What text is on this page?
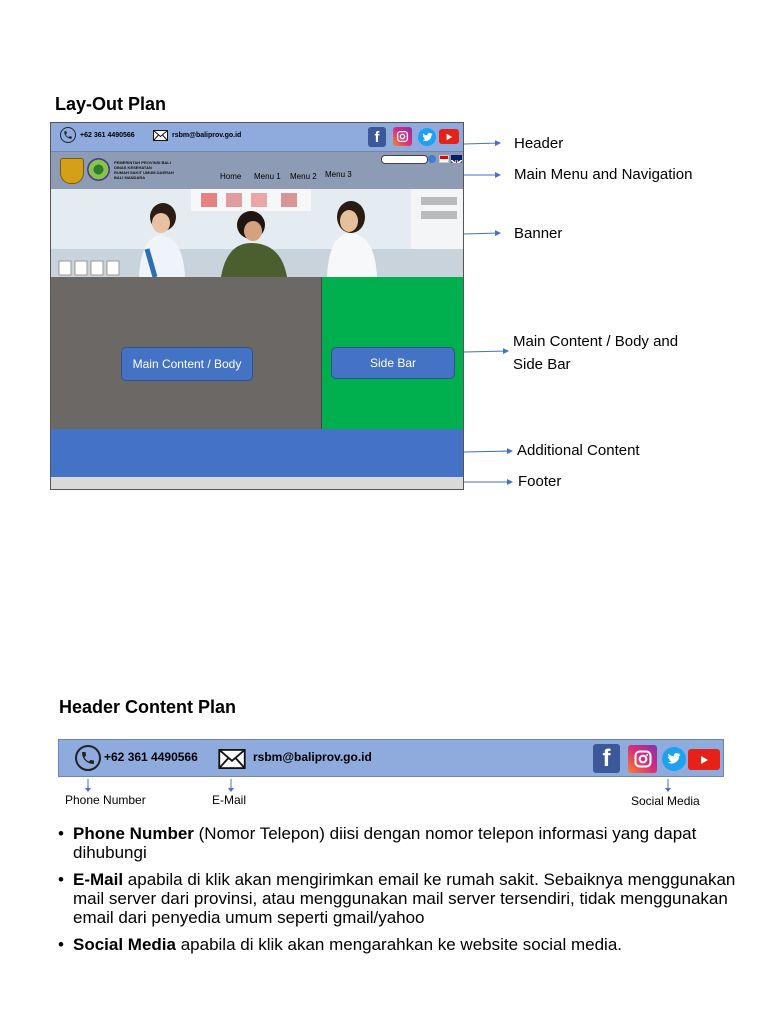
Lay-Out Plan
+62 361 4490566	rsbm@baliprov.go.id	f
PEMERINTAH PROVINSI BALI
DINAS KESEHATAN
RUMAH SAKIT UMUM DAERAH
BALI MANDARA	Home Menu 1 Menu 2 Menu 3
Main Content / Body	Side Bar
Header
Main Menu and Navigation
Banner
Main Content / Body and
Side Bar
Additional Content
Footer
Header Content Plan
+62 361 4490566	rsbm@baliprov.go.id	f
Phone Number	E-Mail	Social Media
• Phone Number (Nomor Telepon) diisi dengan nomor telepon informasi yang dapat dihubungi
• E-Mail apabila di klik akan mengirimkan email ke rumah sakit. Sebaiknya menggunakan mail server dari provinsi, atau menggunakan mail server tersendiri, tidak menggunakan email dari penyedia umum seperti gmail/yahoo
• Social Media apabila di klik akan mengarahkan ke website social media.
